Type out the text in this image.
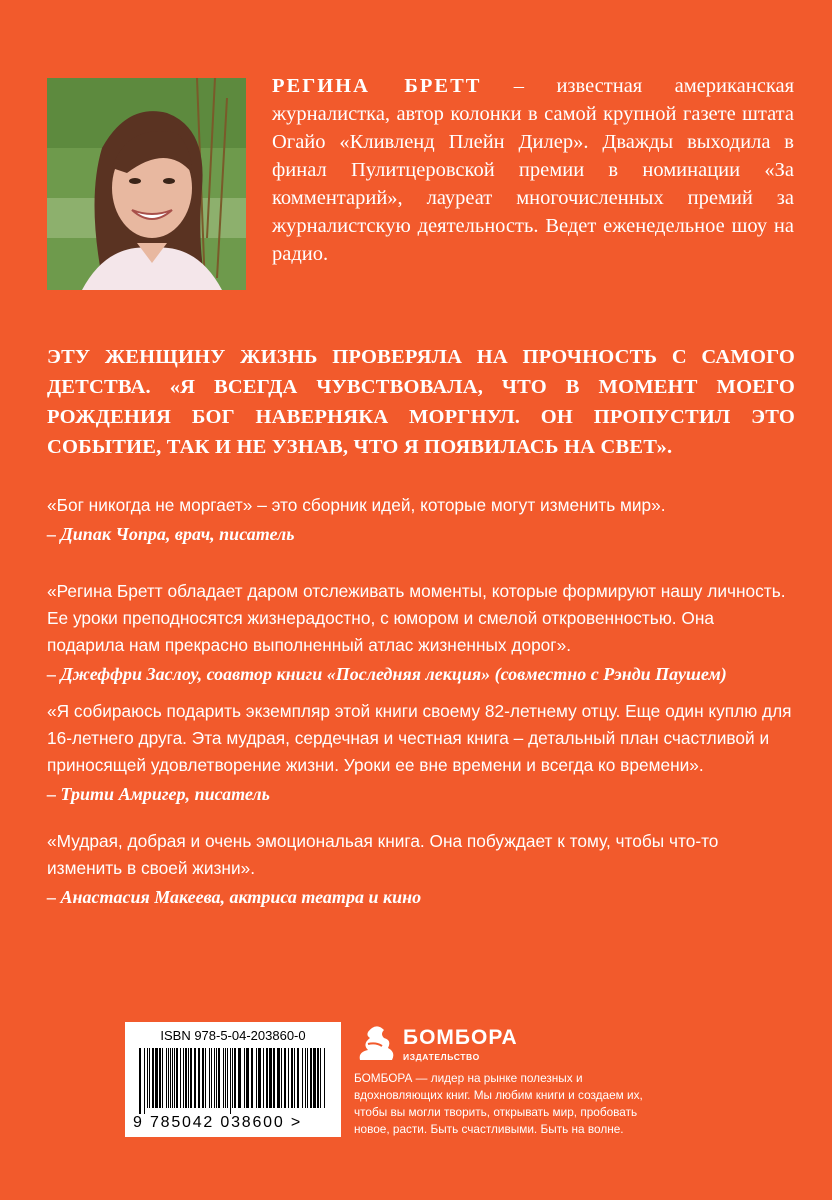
РЕГИНА БРЕТТ – известная американская журналистка, автор колонки в самой крупной газете штата Огайо «Кливленд Плейн Дилер». Дважды выходила в финал Пулитцеровской премии в номинации «За комментарий», лауреат многочисленных премий за журналистскую деятельность. Ведет еженедельное шоу на радио.
ЭТУ ЖЕНЩИНУ ЖИЗНЬ ПРОВЕРЯЛА НА ПРОЧНОСТЬ С САМОГО ДЕТСТВА. «Я ВСЕГДА ЧУВСТВОВАЛА, ЧТО В МОМЕНТ МОЕГО РОЖДЕНИЯ БОГ НАВЕРНЯКА МОРГНУЛ. ОН ПРОПУСТИЛ ЭТО СОБЫТИЕ, ТАК И НЕ УЗНАВ, ЧТО Я ПОЯВИЛАСЬ НА СВЕТ».
«Бог никогда не моргает» – это сборник идей, которые могут изменить мир».
– Дипак Чопра, врач, писатель
«Регина Бретт обладает даром отслеживать моменты, которые формируют нашу личность. Ее уроки преподносятся жизнерадостно, с юмором и смелой откровенностью. Она подарила нам прекрасно выполненный атлас жизненных дорог».
– Джеффри Заслоу, соавтор книги «Последняя лекция» (совместно с Рэнди Паушем)
«Я собираюсь подарить экземпляр этой книги своему 82-летнему отцу. Еще один куплю для 16-летнего друга. Эта мудрая, сердечная и честная книга – детальный план счастливой и приносящей удовлетворение жизни. Уроки ее вне времени и всегда ко времени».
– Трити Амригер, писатель
«Мудрая, добрая и очень эмоциональая книга. Она побуждает к тому, чтобы что-то изменить в своей жизни».
– Анастасия Макеева, актриса театра и кино
ISBN 978-5-04-203860-0
9 785042 038600 >
БОМБОРА
ИЗДАТЕЛЬСТВО
БОМБОРА — лидер на рынке полезных и вдохновляющих книг. Мы любим книги и создаем их, чтобы вы могли творить, открывать мир, пробовать новое, расти. Быть счастливыми. Быть на волне.
